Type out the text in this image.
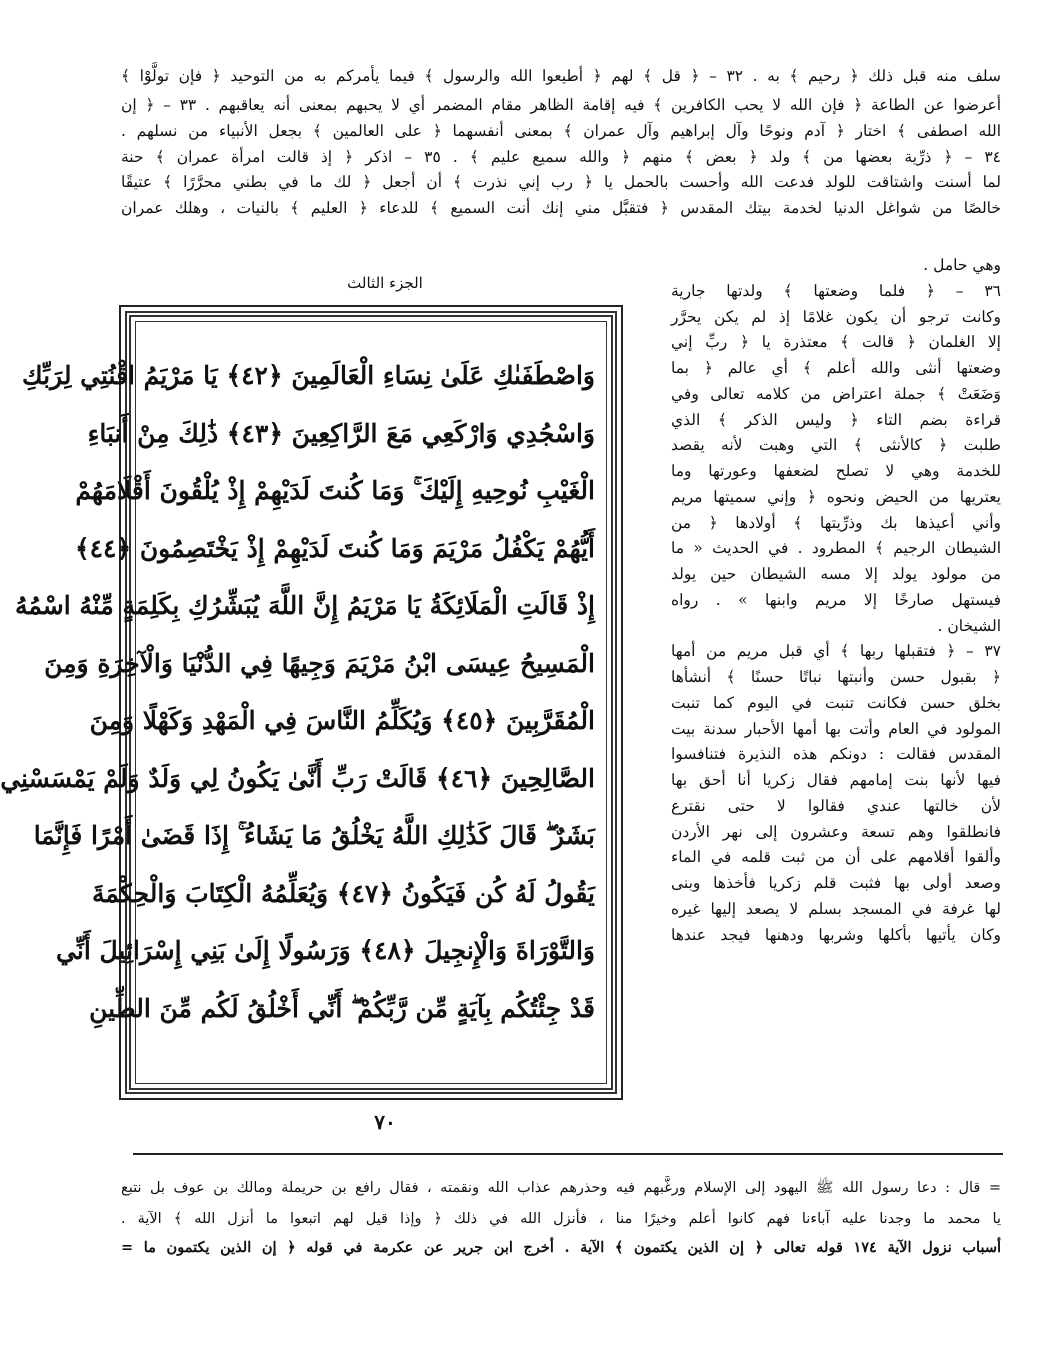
سلف منه قبل ذلك ﴿ رحيم ﴾ به . ٣٢ – ﴿ قل ﴾ لهم ﴿ أطيعوا الله والرسول ﴾ فيما يأمركم به من التوحيد ﴿ فإن تولَّوْا ﴾
أعرضوا عن الطاعة ﴿ فإن الله لا يحب الكافرين ﴾ فيه إقامة الظاهر مقام المضمر أي لا يحبهم بمعنى أنه يعاقبهم . ٣٣ – ﴿ إن
الله اصطفى ﴾ اختار ﴿ آدم ونوحًا وآل إبراهيم وآل عمران ﴾ بمعنى أنفسهما ﴿ على العالمين ﴾ بجعل الأنبياء من نسلهم .
٣٤ – ﴿ ذرِّية بعضها من ﴾ ولد ﴿ بعض ﴾ منهم ﴿ والله سميع عليم ﴾ . ٣٥ – اذكر ﴿ إذ قالت امرأة عمران ﴾ حنة
لما أسنت واشتاقت للولد فدعت الله وأحست بالحمل يا ﴿ رب إني نذرت ﴾ أن أجعل ﴿ لك ما في بطني محرَّرًا ﴾ عتيقًا
خالصًا من شواغل الدنيا لخدمة بيتك المقدس ﴿ فتقبَّل مني إنك أنت السميع ﴾ للدعاء ﴿ العليم ﴾ بالنيات ، وهلك عمران
الجزء الثالث
وهي حامل .
٣٦ – ﴿ فلما وضعتها ﴾ ولدتها جارية
وكانت ترجو أن يكون غلامًا إذ لم يكن يحرَّر
إلا الغلمان ﴿ قالت ﴾ معتذرة يا ﴿ ربِّ إني
وضعتها أنثى والله أعلم ﴾ أي عالم ﴿ بما
وَضَعَتْ ﴾ جملة اعتراض من كلامه تعالى وفي
قراءة بضم التاء ﴿ وليس الذكر ﴾ الذي
طلبت ﴿ كالأنثى ﴾ التي وهبت لأنه يقصد
للخدمة وهي لا تصلح لضعفها وعورتها وما
يعتريها من الحيض ونحوه ﴿ وإني سميتها مريم
وأني أعيذها بك وذرِّيتها ﴾ أولادها ﴿ من
الشيطان الرجيم ﴾ المطرود . في الحديث « ما
من مولود يولد إلا مسه الشيطان حين يولد
فيستهل صارخًا إلا مريم وابنها » . رواه
الشيخان .
٣٧ – ﴿ فتقبلها ربها ﴾ أي قبل مريم من أمها
﴿ بقبول حسن وأنبتها نباتًا حسنًا ﴾ أنشأها
بخلق حسن فكانت تنبت في اليوم كما تنبت
المولود في العام وأتت بها أمها الأحبار سدنة بيت
المقدس فقالت : دونكم هذه النذيرة فتنافسوا
فيها لأنها بنت إمامهم فقال زكريا أنا أحق بها
لأن خالتها عندي فقالوا لا حتى نقترع
فانطلقوا وهم تسعة وعشرون إلى نهر الأردن
وألقوا أقلامهم على أن من ثبت قلمه في الماء
وصعد أولى بها فثبت قلم زكريا فأخذها وبنى
لها غرفة في المسجد بسلم لا يصعد إليها غيره
وكان يأتيها بأكلها وشربها ودهنها فيجد عندها
وَاصْطَفَىٰكِ عَلَىٰ نِسَاءِ الْعَالَمِينَ ﴿٤٢﴾ يَا مَرْيَمُ اقْنُتِي لِرَبِّكِ
وَاسْجُدِي وَارْكَعِي مَعَ الرَّاكِعِينَ ﴿٤٣﴾ ذَٰلِكَ مِنْ أَنبَاءِ
الْغَيْبِ نُوحِيهِ إِلَيْكَ ۚ وَمَا كُنتَ لَدَيْهِمْ إِذْ يُلْقُونَ أَقْلَامَهُمْ
أَيُّهُمْ يَكْفُلُ مَرْيَمَ وَمَا كُنتَ لَدَيْهِمْ إِذْ يَخْتَصِمُونَ ﴿٤٤﴾
إِذْ قَالَتِ الْمَلَائِكَةُ يَا مَرْيَمُ إِنَّ اللَّهَ يُبَشِّرُكِ بِكَلِمَةٍ مِّنْهُ اسْمُهُ
الْمَسِيحُ عِيسَى ابْنُ مَرْيَمَ وَجِيهًا فِي الدُّنْيَا وَالْآخِرَةِ وَمِنَ
الْمُقَرَّبِينَ ﴿٤٥﴾ وَيُكَلِّمُ النَّاسَ فِي الْمَهْدِ وَكَهْلًا وَمِنَ
الصَّالِحِينَ ﴿٤٦﴾ قَالَتْ رَبِّ أَنَّىٰ يَكُونُ لِي وَلَدٌ وَلَمْ يَمْسَسْنِي
بَشَرٌ ۖ قَالَ كَذَٰلِكِ اللَّهُ يَخْلُقُ مَا يَشَاءُ ۚ إِذَا قَضَىٰ أَمْرًا فَإِنَّمَا
يَقُولُ لَهُ كُن فَيَكُونُ ﴿٤٧﴾ وَيُعَلِّمُهُ الْكِتَابَ وَالْحِكْمَةَ
وَالتَّوْرَاةَ وَالْإِنجِيلَ ﴿٤٨﴾ وَرَسُولًا إِلَىٰ بَنِي إِسْرَائِيلَ أَنِّي
قَدْ جِئْتُكُم بِآيَةٍ مِّن رَّبِّكُمْ ۖ أَنِّي أَخْلُقُ لَكُم مِّنَ الطِّينِ
٧٠
= قال : دعا رسول الله ﷺ اليهود إلى الإسلام ورغَّبهم فيه وحذرهم عذاب الله ونقمته ، فقال رافع بن حريملة ومالك بن عوف بل نتبع
يا محمد ما وجدنا عليه آباءنا فهم كانوا أعلم وخيرًا منا ، فأنزل الله في ذلك ﴿ وإذا قيل لهم اتبعوا ما أنزل الله ﴾ الآية .
أسباب نزول الآية ١٧٤ قوله تعالى ﴿ إن الذين يكتمون ﴾ الآية . أخرج ابن جرير عن عكرمة في قوله ﴿ إن الذين يكتمون ما =
